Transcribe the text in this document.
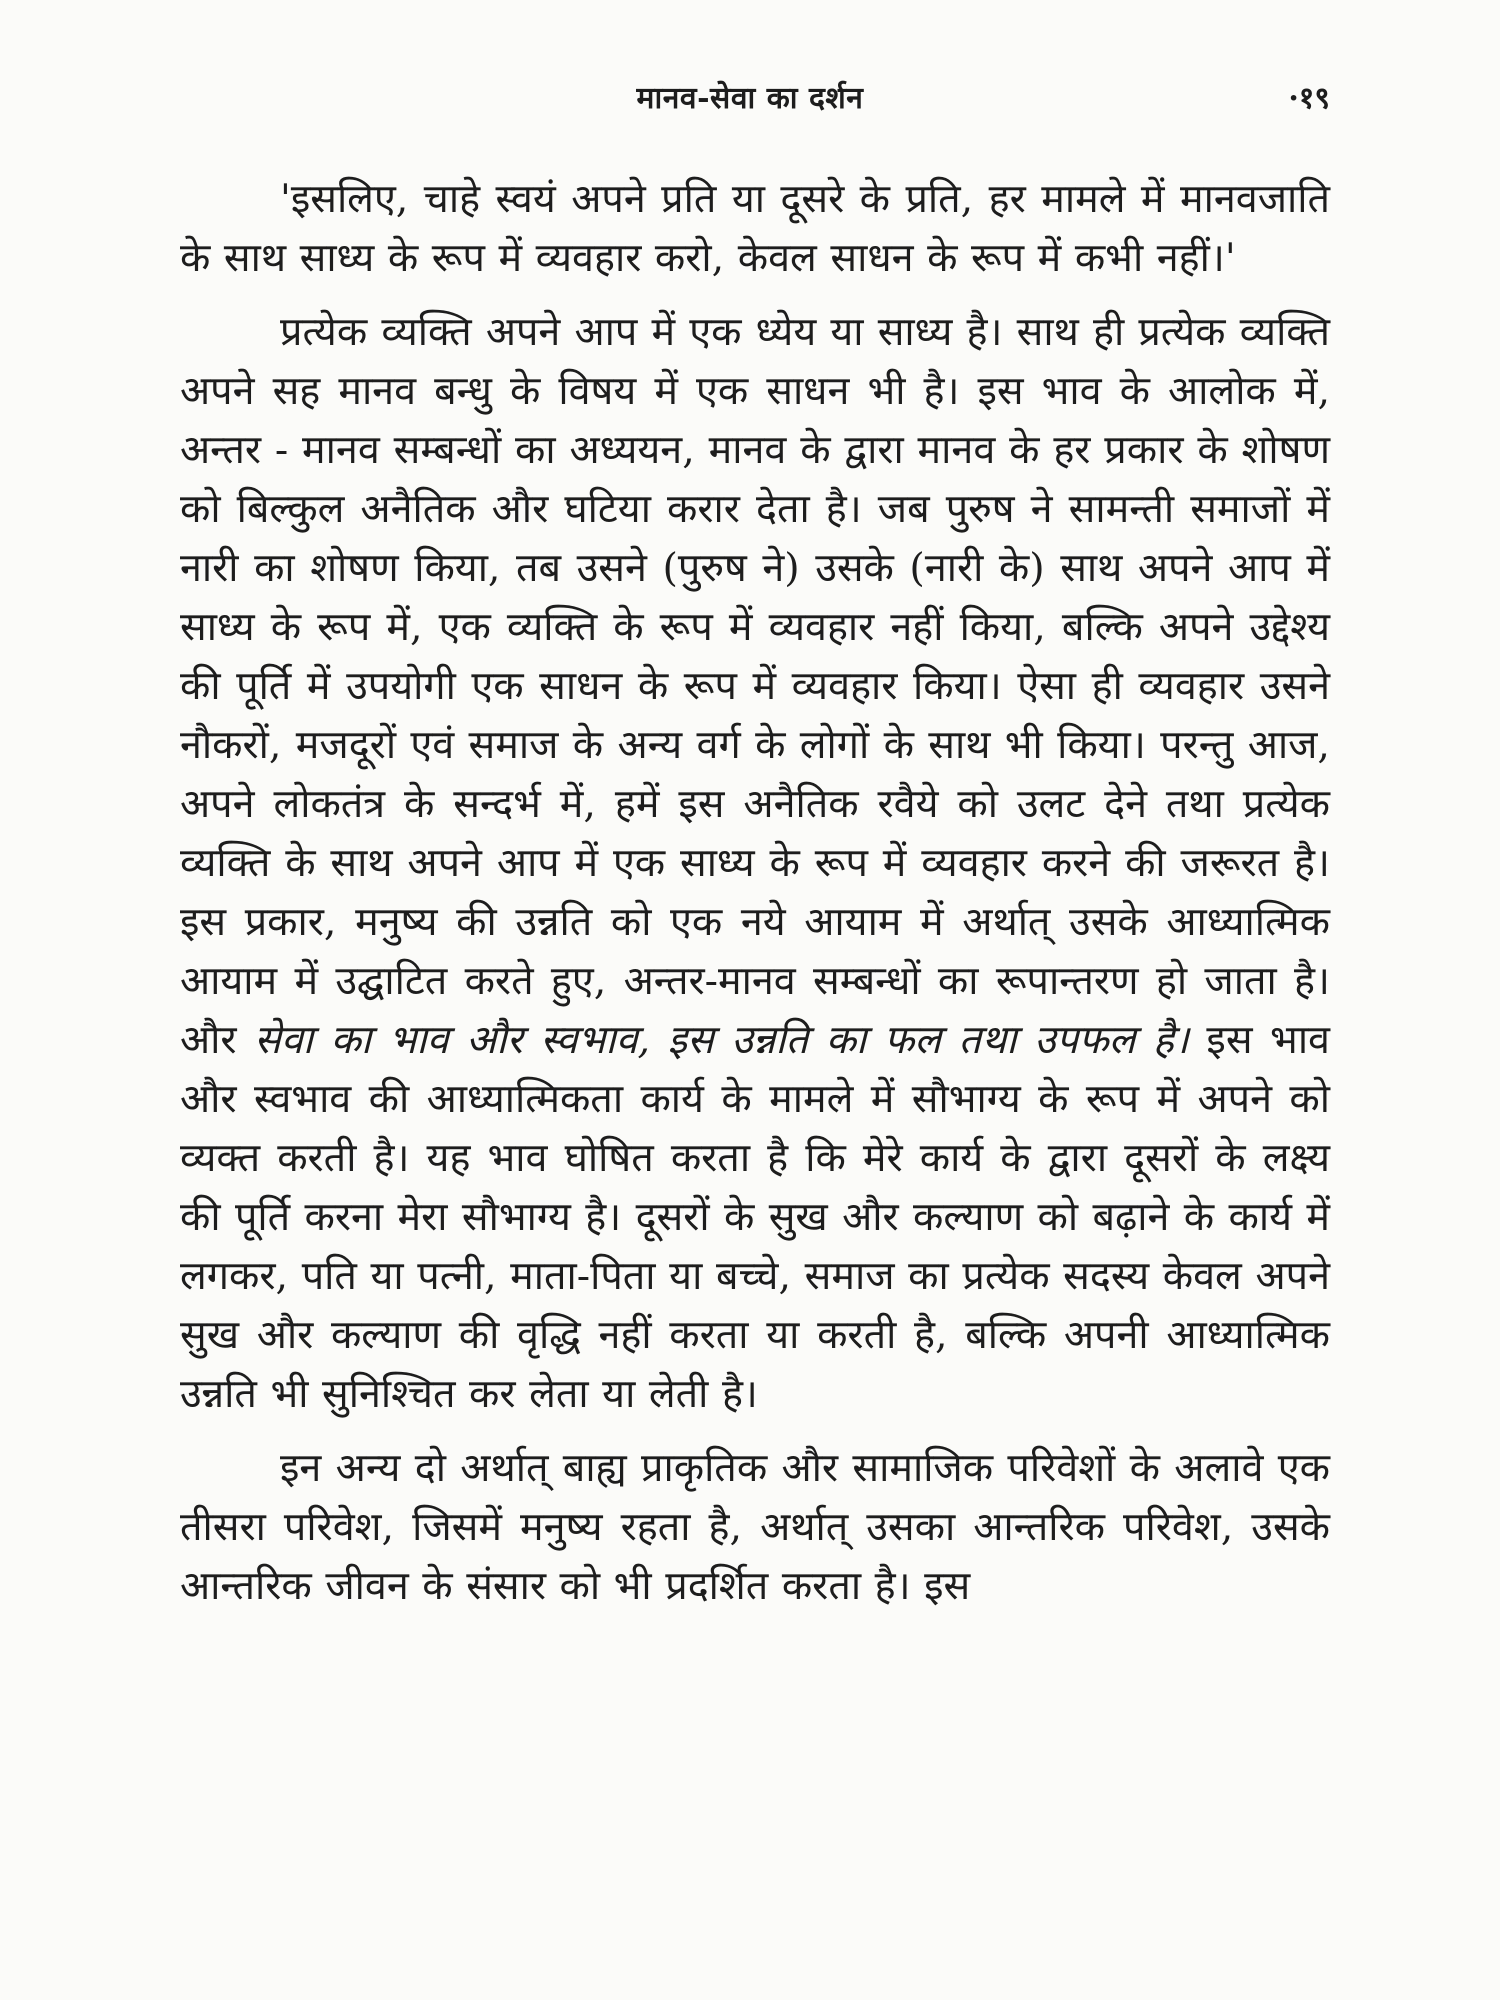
मानव-सेवा का दर्शन	·१९

'इसलिए, चाहे स्वयं अपने प्रति या दूसरे के प्रति, हर मामले में मानवजाति के साथ साध्य के रूप में व्यवहार करो, केवल साधन के रूप में कभी नहीं।'

प्रत्येक व्यक्ति अपने आप में एक ध्येय या साध्य है। साथ ही प्रत्येक व्यक्ति अपने सह मानव बन्धु के विषय में एक साधन भी है। इस भाव के आलोक में, अन्तर - मानव सम्बन्धों का अध्ययन, मानव के द्वारा मानव के हर प्रकार के शोषण को बिल्कुल अनैतिक और घटिया करार देता है। जब पुरुष ने सामन्ती समाजों में नारी का शोषण किया, तब उसने (पुरुष ने) उसके (नारी के) साथ अपने आप में साध्य के रूप में, एक व्यक्ति के रूप में व्यवहार नहीं किया, बल्कि अपने उद्देश्य की पूर्ति में उपयोगी एक साधन के रूप में व्यवहार किया। ऐसा ही व्यवहार उसने नौकरों, मजदूरों एवं समाज के अन्य वर्ग के लोगों के साथ भी किया। परन्तु आज, अपने लोकतंत्र के सन्दर्भ में, हमें इस अनैतिक रवैये को उलट देने तथा प्रत्येक व्यक्ति के साथ अपने आप में एक साध्य के रूप में व्यवहार करने की जरूरत है। इस प्रकार, मनुष्य की उन्नति को एक नये आयाम में अर्थात् उसके आध्यात्मिक आयाम में उद्घाटित करते हुए, अन्तर-मानव सम्बन्धों का रूपान्तरण हो जाता है। और सेवा का भाव और स्वभाव, इस उन्नति का फल तथा उपफल है। इस भाव और स्वभाव की आध्यात्मिकता कार्य के मामले में सौभाग्य के रूप में अपने को व्यक्त करती है। यह भाव घोषित करता है कि मेरे कार्य के द्वारा दूसरों के लक्ष्य की पूर्ति करना मेरा सौभाग्य है। दूसरों के सुख और कल्याण को बढ़ाने के कार्य में लगकर, पति या पत्नी, माता-पिता या बच्चे, समाज का प्रत्येक सदस्य केवल अपने सुख और कल्याण की वृद्धि नहीं करता या करती है, बल्कि अपनी आध्यात्मिक उन्नति भी सुनिश्चित कर लेता या लेती है।

इन अन्य दो अर्थात् बाह्य प्राकृतिक और सामाजिक परिवेशों के अलावे एक तीसरा परिवेश, जिसमें मनुष्य रहता है, अर्थात् उसका आन्तरिक परिवेश, उसके आन्तरिक जीवन के संसार को भी प्रदर्शित करता है। इस
